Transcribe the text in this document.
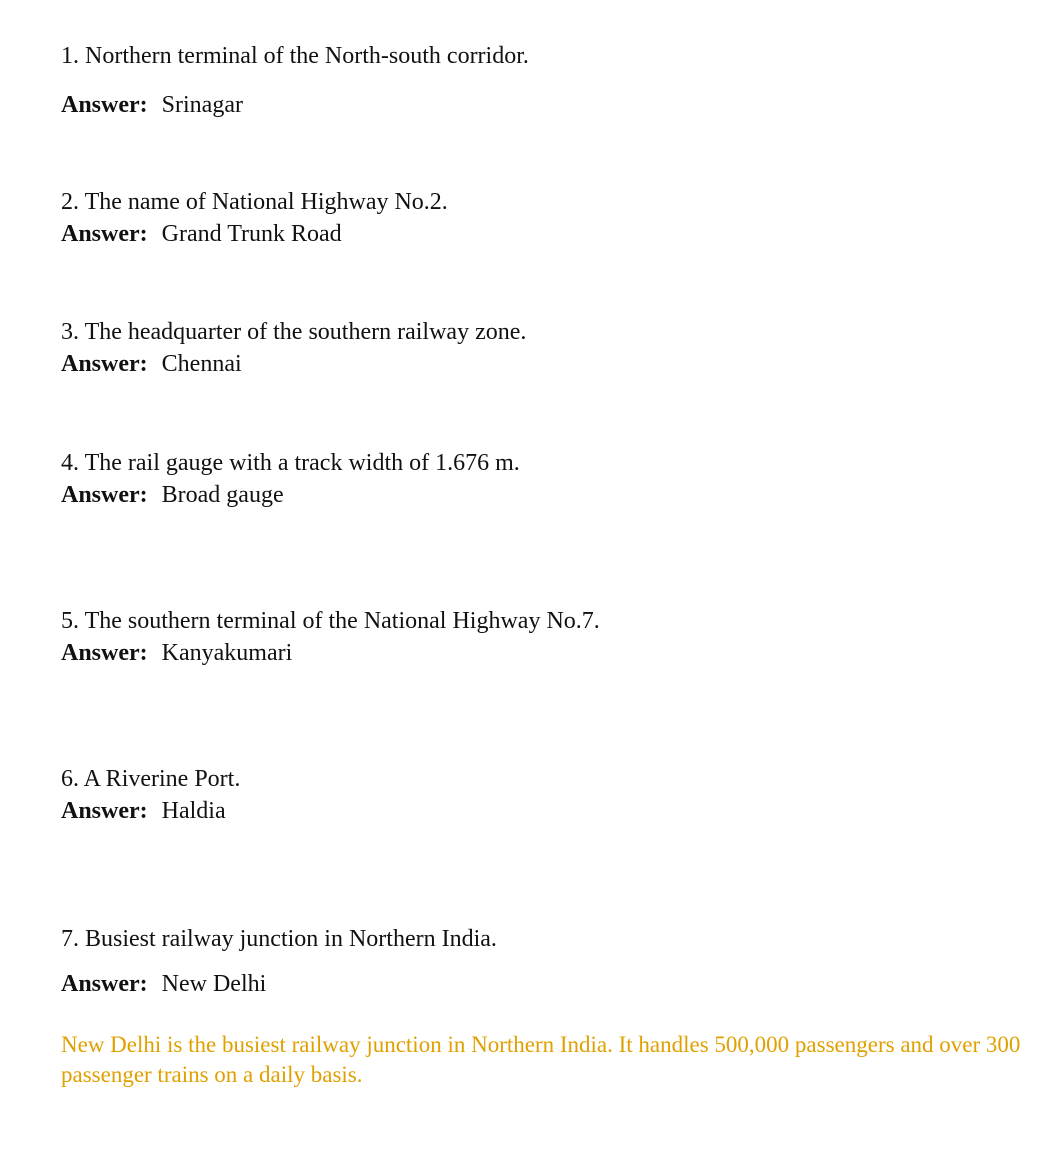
1. Northern terminal of the North-south corridor.
Answer: Srinagar
2. The name of National Highway No.2.
Answer: Grand Trunk Road
3. The headquarter of the southern railway zone.
Answer: Chennai
4. The rail gauge with a track width of 1.676 m.
Answer: Broad gauge
5. The southern terminal of the National Highway No.7.
Answer: Kanyakumari
6. A Riverine Port.
Answer: Haldia
7. Busiest railway junction in Northern India.
Answer: New Delhi
New Delhi is the busiest railway junction in Northern India. It handles 500,000 passengers and over 300 passenger trains on a daily basis.
